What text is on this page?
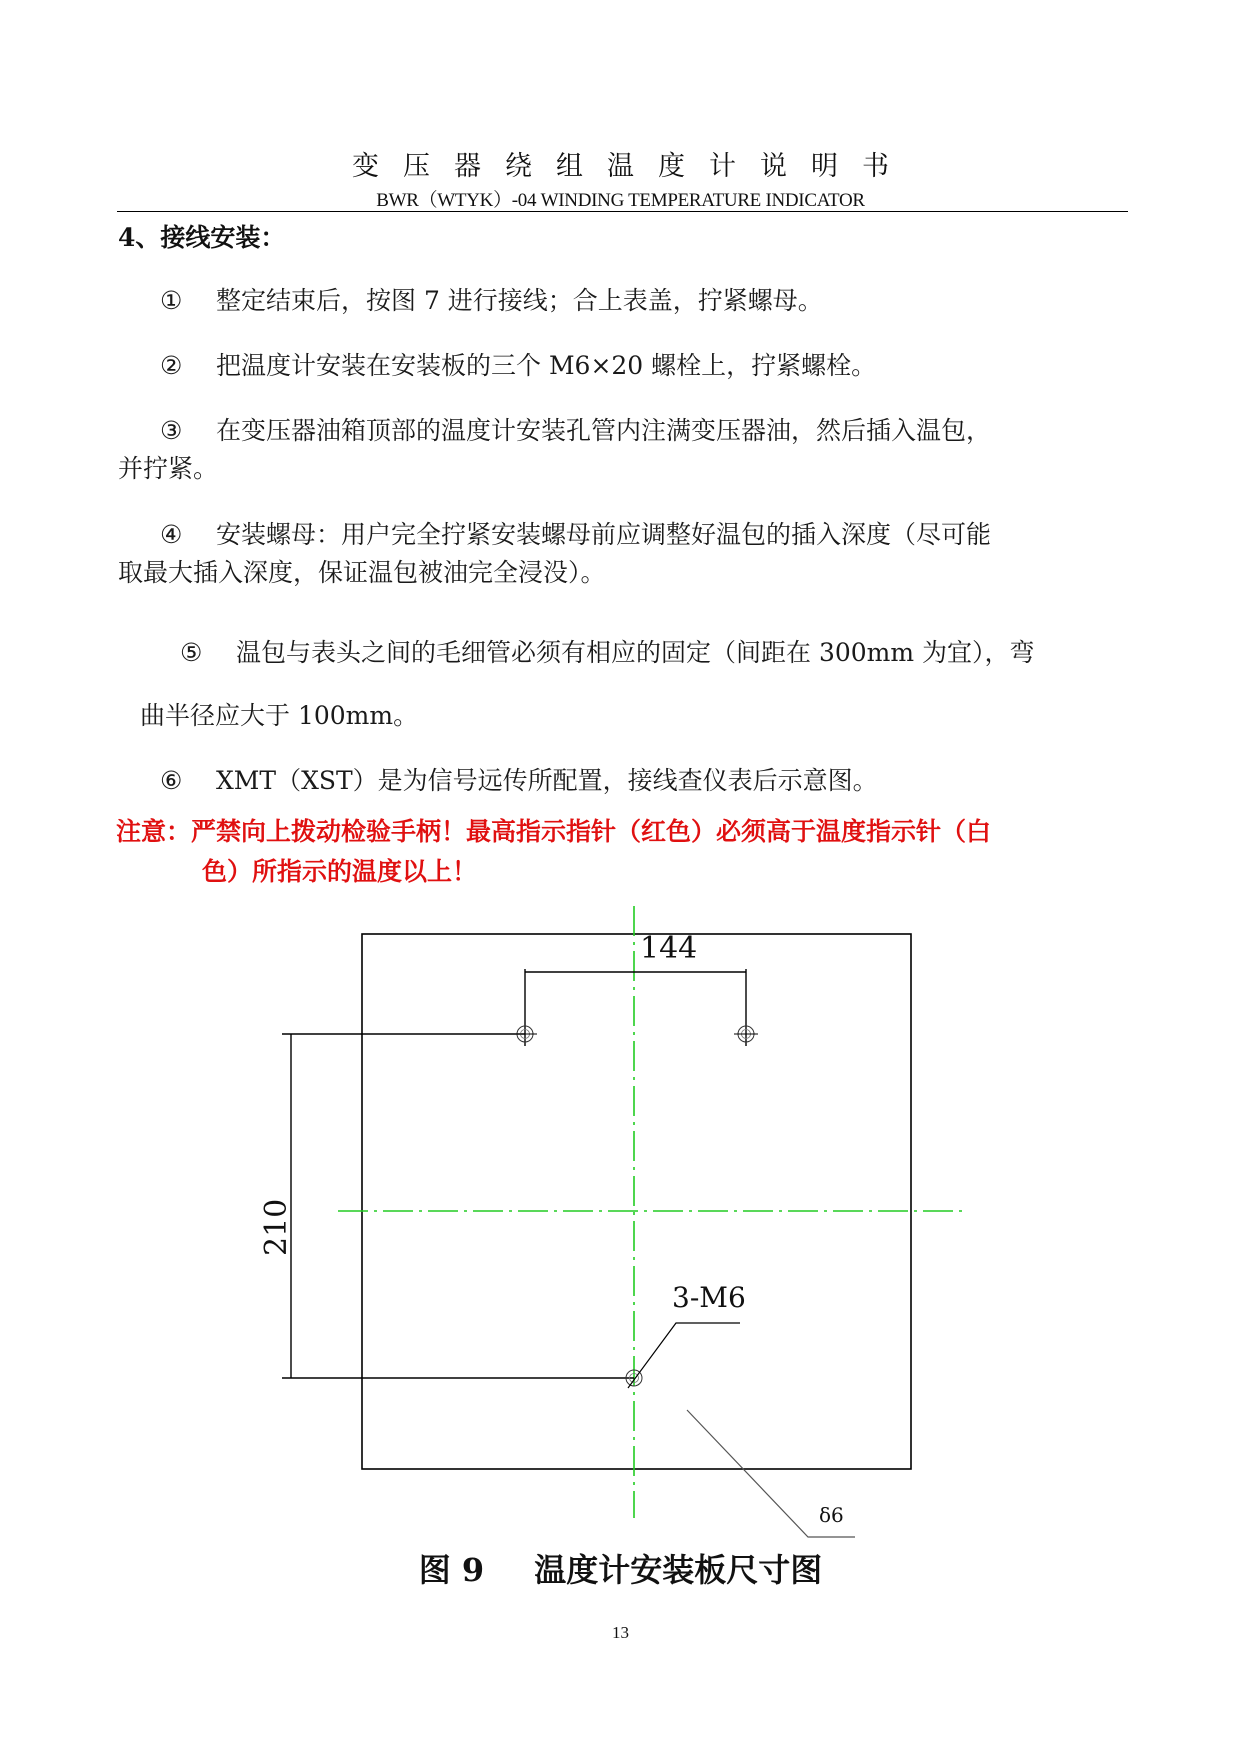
变压器绕组温度计说明书
BWR（WTYK）-04 WINDING TEMPERATURE INDICATOR
4、接线安装：
① 整定结束后，按图 7 进行接线；合上表盖，拧紧螺母。
② 把温度计安装在安装板的三个 M6×20 螺栓上，拧紧螺栓。
③ 在变压器油箱顶部的温度计安装孔管内注满变压器油，然后插入温包，
并拧紧。
④ 安装螺母：用户完全拧紧安装螺母前应调整好温包的插入深度（尽可能
取最大插入深度，保证温包被油完全浸没）。
⑤ 温包与表头之间的毛细管必须有相应的固定（间距在 300mm 为宜），弯
曲半径应大于 100mm。
⑥ XMT（XST）是为信号远传所配置，接线查仪表后示意图。
注意：严禁向上拨动检验手柄！最高指示指针（红色）必须高于温度指示针（白
色）所指示的温度以上！
144
210
3-M6
δ6
图 9 温度计安装板尺寸图
13
